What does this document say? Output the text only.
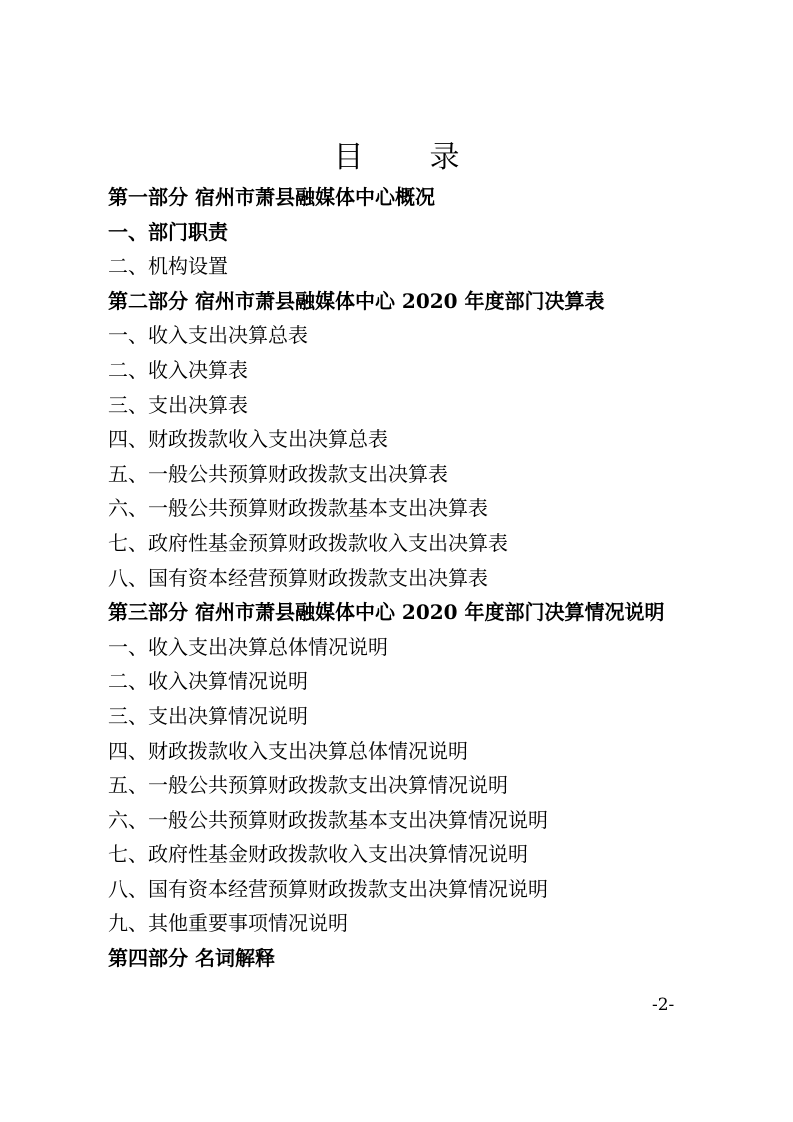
目　录
第一部分 宿州市萧县融媒体中心概况
一、部门职责
二、机构设置
第二部分 宿州市萧县融媒体中心 2020 年度部门决算表
一、收入支出决算总表
二、收入决算表
三、支出决算表
四、财政拨款收入支出决算总表
五、一般公共预算财政拨款支出决算表
六、一般公共预算财政拨款基本支出决算表
七、政府性基金预算财政拨款收入支出决算表
八、国有资本经营预算财政拨款支出决算表
第三部分 宿州市萧县融媒体中心 2020 年度部门决算情况说明
一、收入支出决算总体情况说明
二、收入决算情况说明
三、支出决算情况说明
四、财政拨款收入支出决算总体情况说明
五、一般公共预算财政拨款支出决算情况说明
六、一般公共预算财政拨款基本支出决算情况说明
七、政府性基金财政拨款收入支出决算情况说明
八、国有资本经营预算财政拨款支出决算情况说明
九、其他重要事项情况说明
第四部分 名词解释
-2-
